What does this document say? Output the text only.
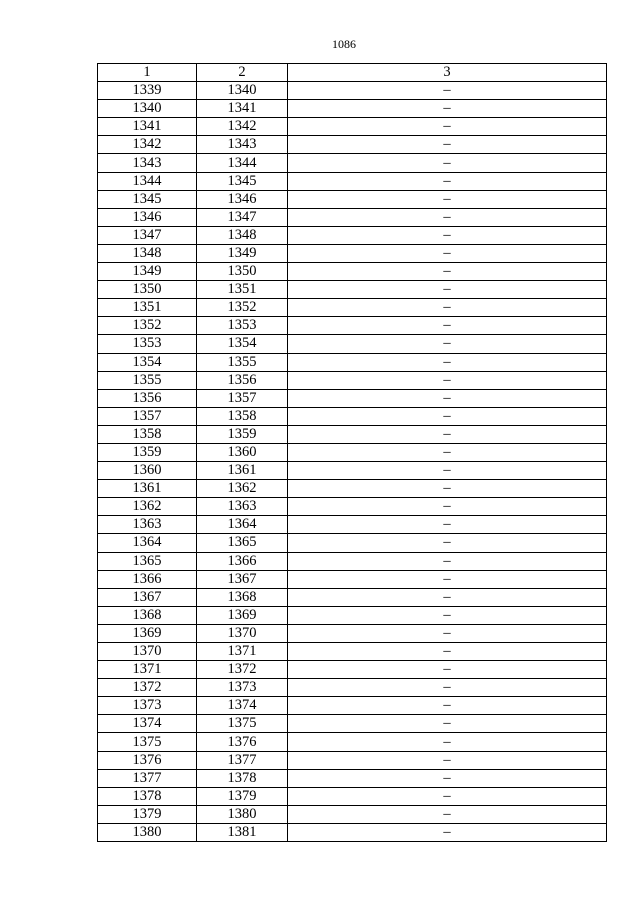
1086
1	2	3
1339	1340	–
1340	1341	–
1341	1342	–
1342	1343	–
1343	1344	–
1344	1345	–
1345	1346	–
1346	1347	–
1347	1348	–
1348	1349	–
1349	1350	–
1350	1351	–
1351	1352	–
1352	1353	–
1353	1354	–
1354	1355	–
1355	1356	–
1356	1357	–
1357	1358	–
1358	1359	–
1359	1360	–
1360	1361	–
1361	1362	–
1362	1363	–
1363	1364	–
1364	1365	–
1365	1366	–
1366	1367	–
1367	1368	–
1368	1369	–
1369	1370	–
1370	1371	–
1371	1372	–
1372	1373	–
1373	1374	–
1374	1375	–
1375	1376	–
1376	1377	–
1377	1378	–
1378	1379	–
1379	1380	–
1380	1381	–
